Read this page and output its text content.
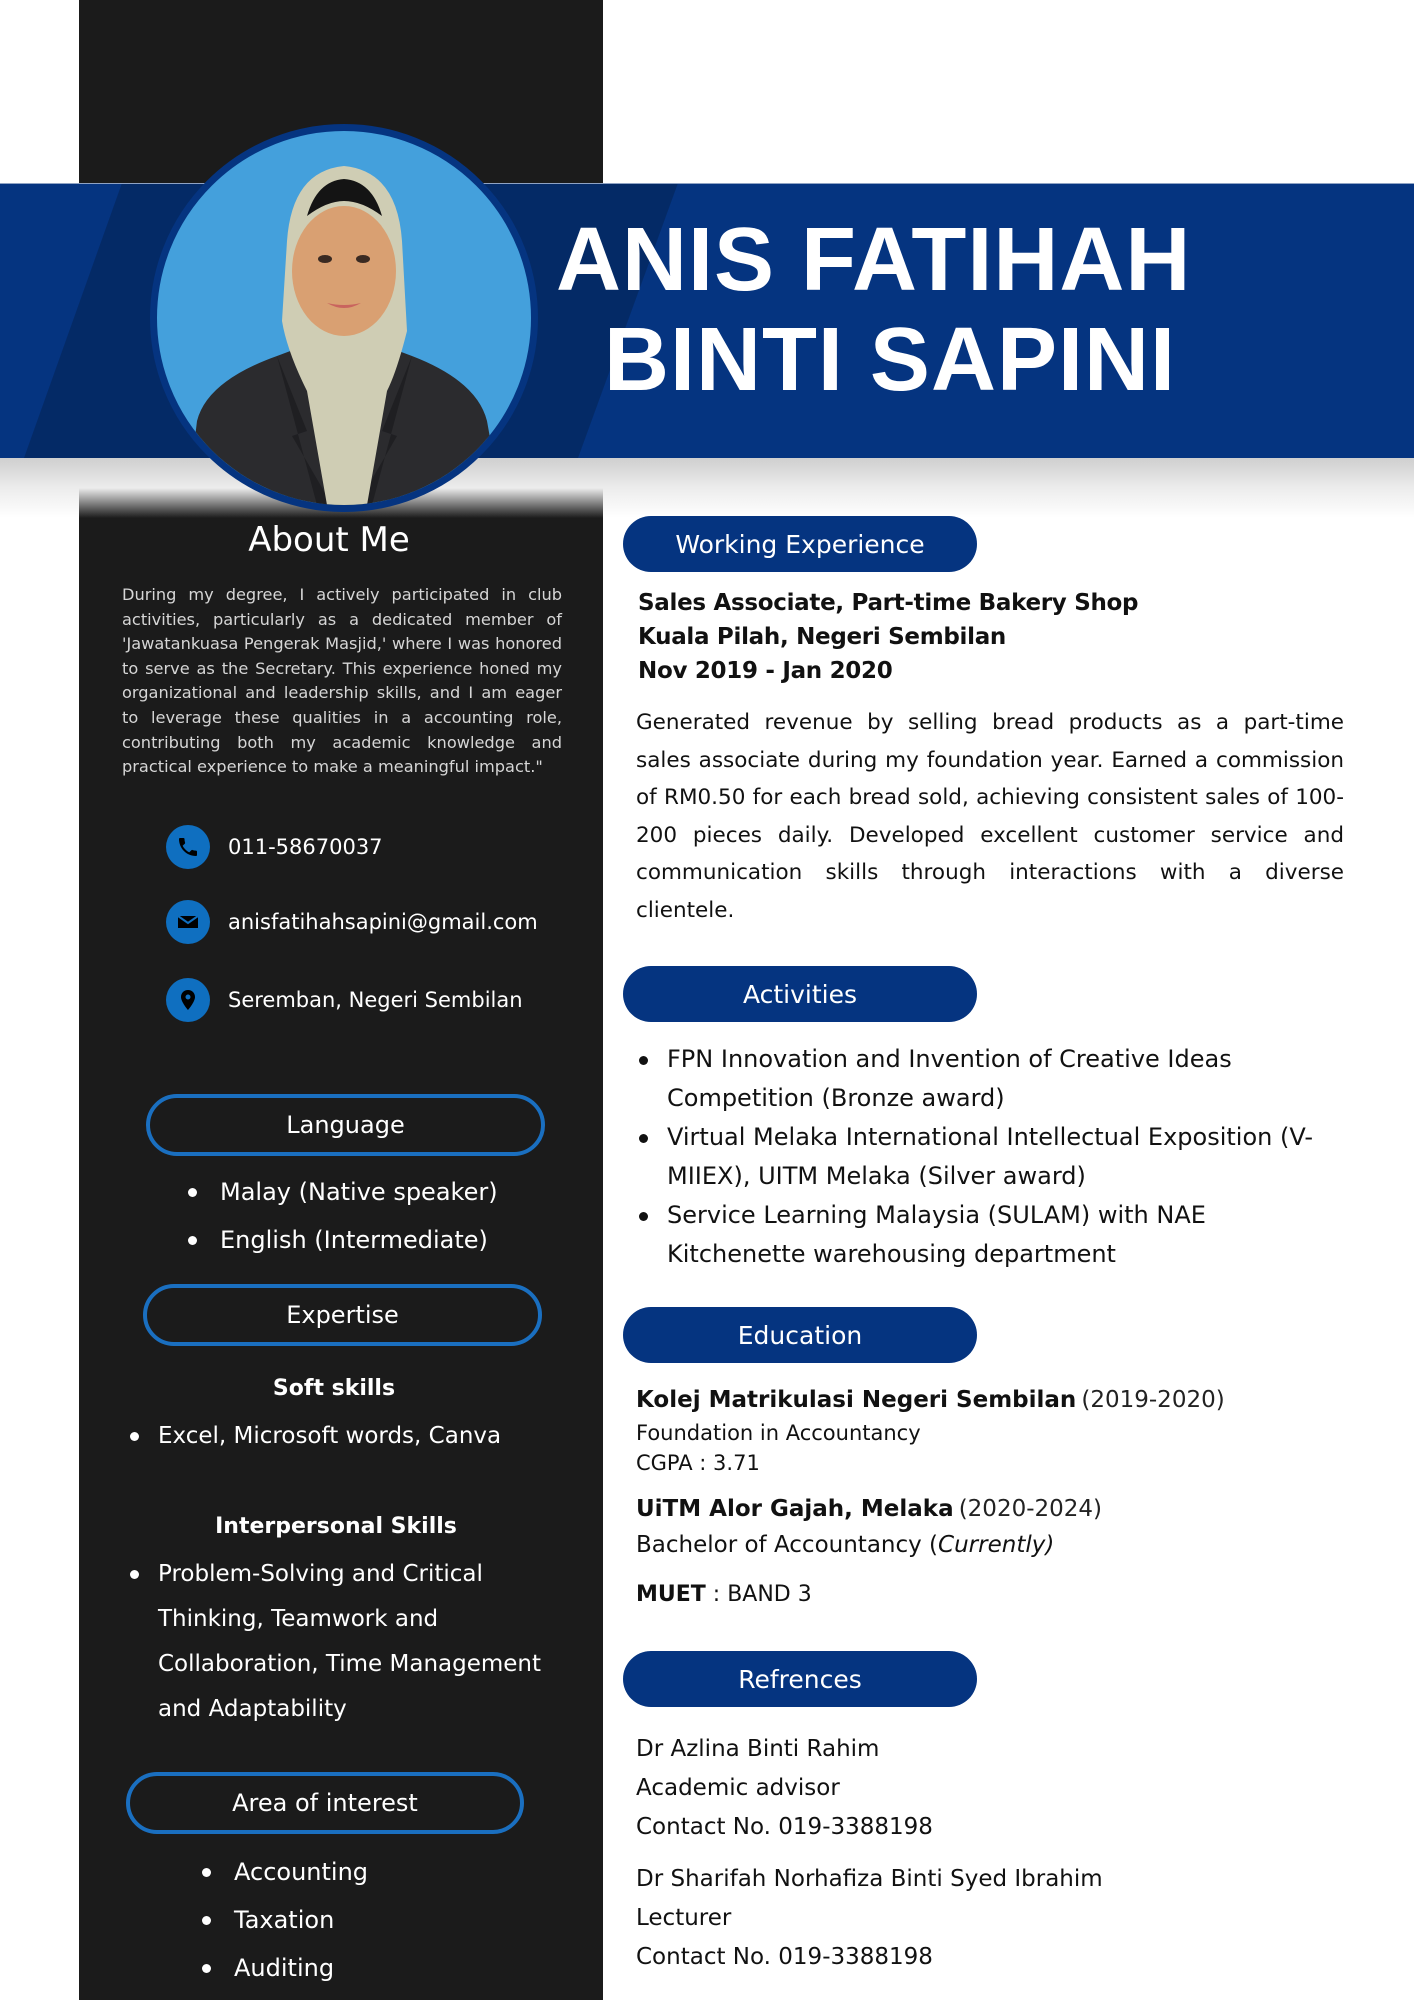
ANIS FATIHAH
BINTI SAPINI
About Me
During my degree, I actively participated in club activities, particularly as a dedicated member of 'Jawatankuasa Pengerak Masjid,' where I was honored to serve as the Secretary. This experience honed my organizational and leadership skills, and I am eager to leverage these qualities in a accounting role, contributing both my academic knowledge and practical experience to make a meaningful impact."
011-58670037
anisfatihahsapini@gmail.com
Seremban, Negeri Sembilan
Language
Malay (Native speaker)
English (Intermediate)
Expertise
Soft skills
Excel, Microsoft words, Canva
Interpersonal Skills
Problem-Solving and Critical Thinking, Teamwork and Collaboration, Time Management and Adaptability
Area of interest
Accounting
Taxation
Auditing
Working Experience
Sales Associate, Part-time Bakery Shop
Kuala Pilah, Negeri Sembilan
Nov 2019 - Jan 2020
Generated revenue by selling bread products as a part-time sales associate during my foundation year. Earned a commission of RM0.50 for each bread sold, achieving consistent sales of 100-200 pieces daily. Developed excellent customer service and communication skills through interactions with a diverse clientele.
Activities
FPN Innovation and Invention of Creative Ideas Competition (Bronze award)
Virtual Melaka International Intellectual Exposition (V-MIIEX), UITM Melaka (Silver award)
Service Learning Malaysia (SULAM) with NAE Kitchenette warehousing department
Education
Kolej Matrikulasi Negeri Sembilan (2019-2020)
Foundation in Accountancy
CGPA : 3.71
UiTM Alor Gajah, Melaka (2020-2024)
Bachelor of Accountancy (Currently)
MUET : BAND 3
Refrences
Dr Azlina Binti Rahim
Academic advisor
Contact No. 019-3388198
Dr Sharifah Norhafiza Binti Syed Ibrahim
Lecturer
Contact No. 019-3388198
